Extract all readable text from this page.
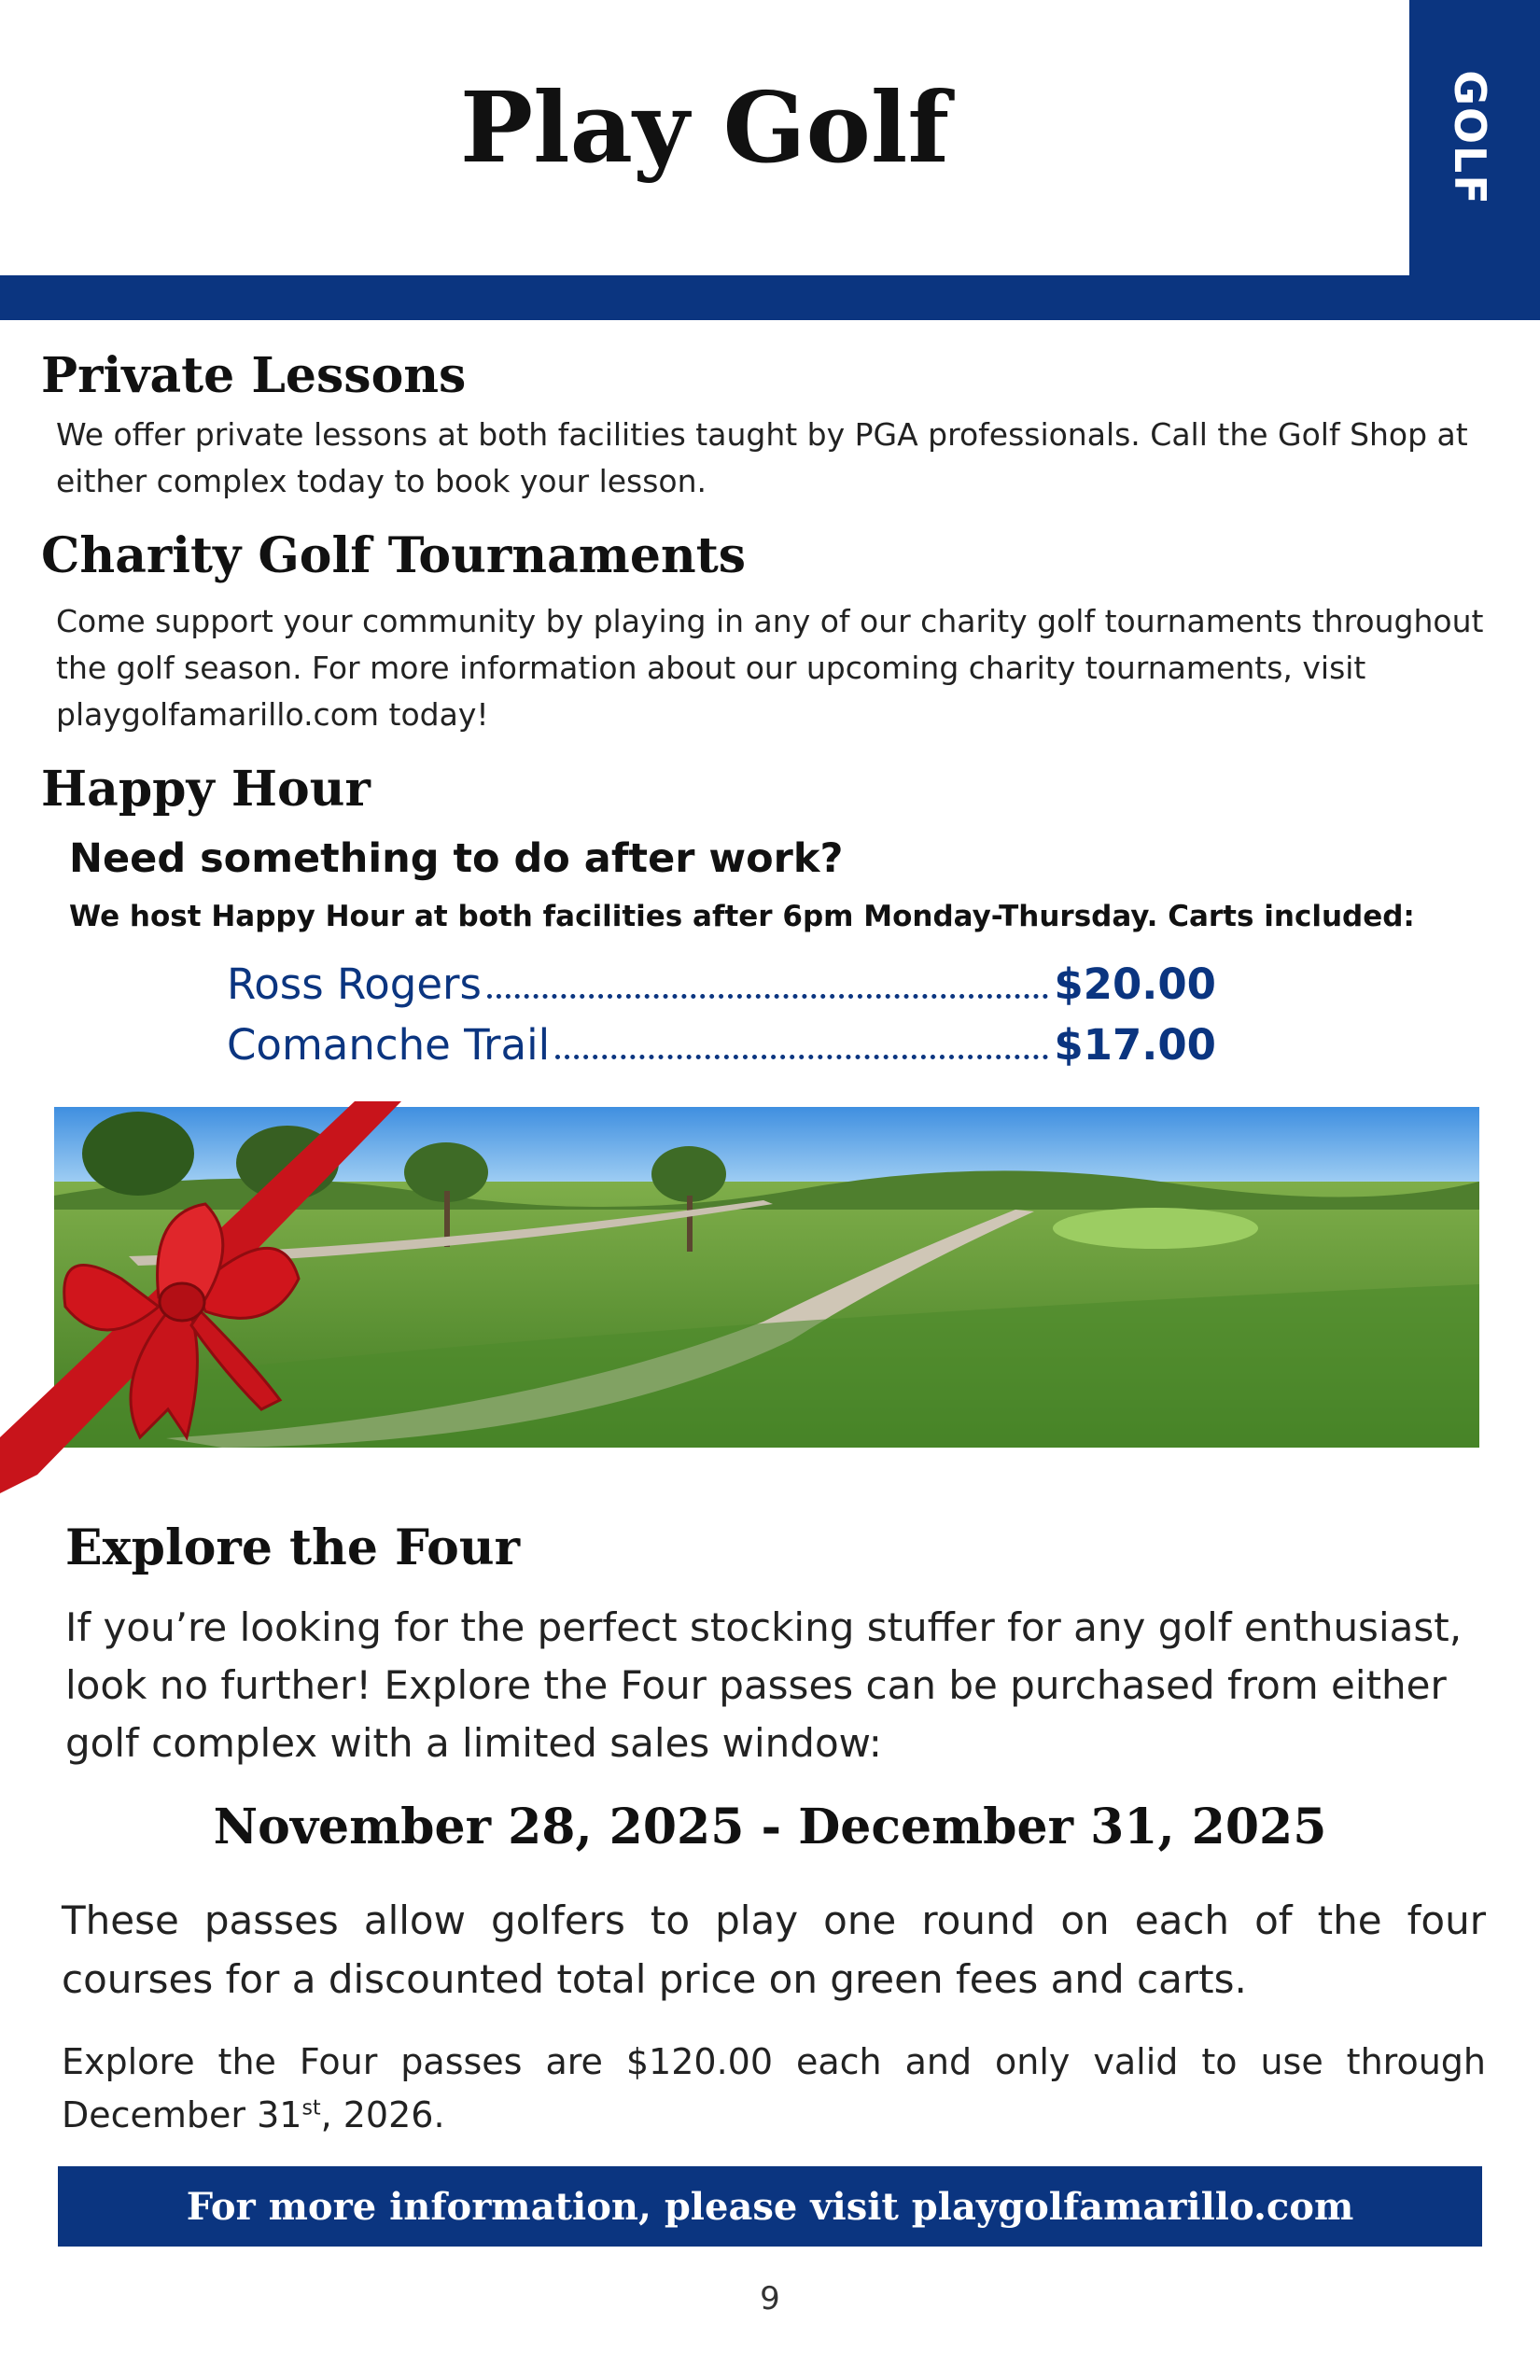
GOLF
Play Golf
Private Lessons

We offer private lessons at both facilities taught by PGA professionals. Call the Golf Shop at either complex today to book your lesson.

Charity Golf Tournaments

Come support your community by playing in any of our charity golf tournaments throughout the golf season. For more information about our upcoming charity tournaments, visit playgolfamarillo.com today!

Happy Hour
Need something to do after work?
We host Happy Hour at both facilities after 6pm Monday-Thursday. Carts included:
Ross Rogers	$20.00
Comanche Trail	$17.00
Explore the Four

If you’re looking for the perfect stocking stuffer for any golf enthusiast, look no further! Explore the Four passes can be purchased from either golf complex with a limited sales window:

November 28, 2025 - December 31, 2025

These passes allow golfers to play one round on each of the four courses for a discounted total price on green fees and carts.

Explore the Four passes are $120.00 each and only valid to use through December 31st, 2026.

For more information, please visit playgolfamarillo.com
9
